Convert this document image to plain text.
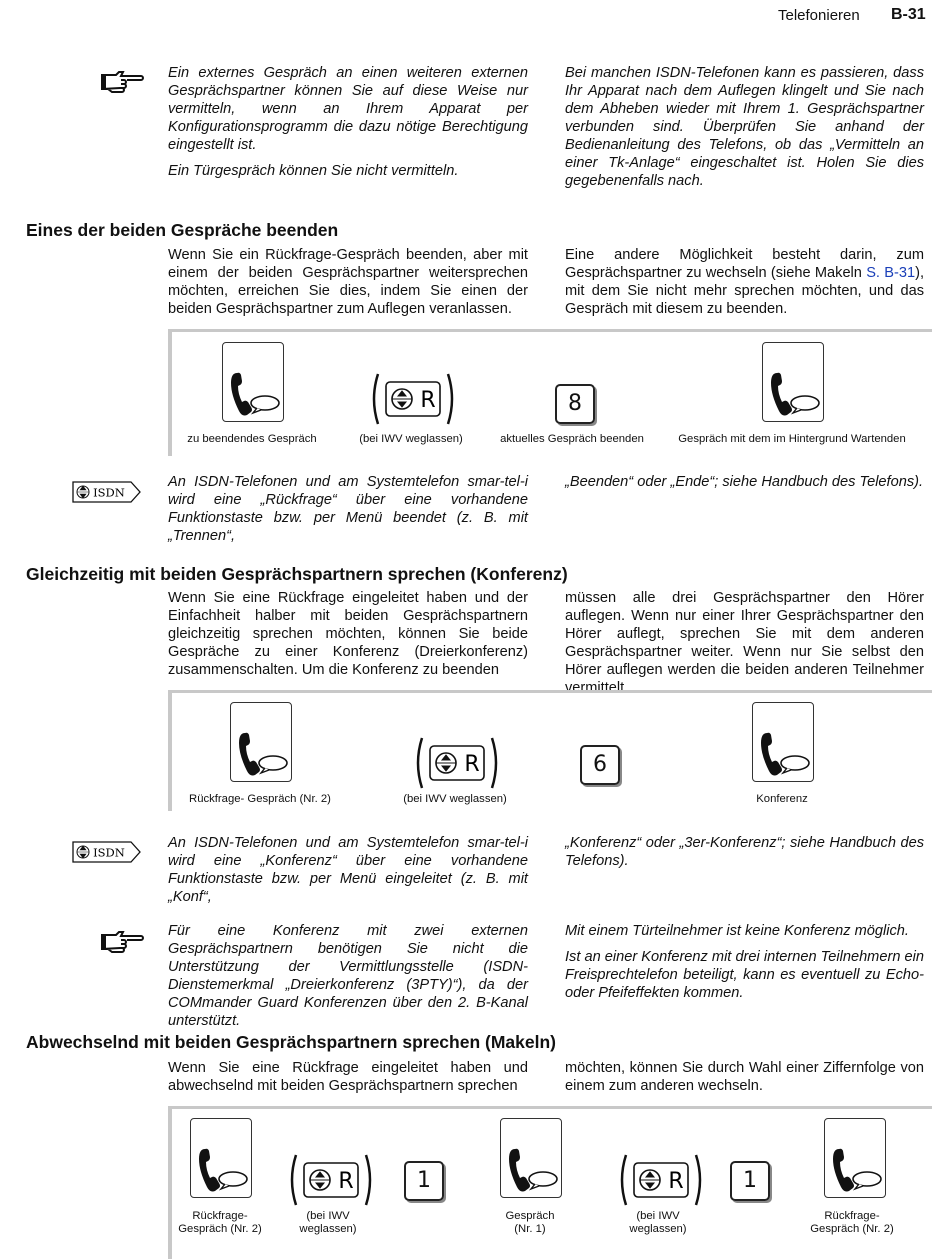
Telefonieren B-31

Ein externes Gespräch an einen weiteren externen Gesprächspartner können Sie auf diese Weise nur vermitteln, wenn an Ihrem Apparat per Konfigurationsprogramm die dazu nötige Berechtigung eingestellt ist.

Ein Türgespräch können Sie nicht vermitteln.

Bei manchen ISDN-Telefonen kann es passieren, dass Ihr Apparat nach dem Auflegen klingelt und Sie nach dem Abheben wieder mit Ihrem 1. Gesprächspartner verbunden sind. Überprüfen Sie anhand der Bedienanleitung des Telefons, ob das „Vermitteln an einer Tk-Anlage“ eingeschaltet ist. Holen Sie dies gegebenenfalls nach.

Eines der beiden Gespräche beenden

Wenn Sie ein Rückfrage-Gespräch beenden, aber mit einem der beiden Gesprächspartner weitersprechen möchten, erreichen Sie dies, indem Sie einen der beiden Gesprächspartner zum Auflegen veranlassen.

Eine andere Möglichkeit besteht darin, zum Gesprächspartner zu wechseln (siehe Makeln S. B-31), mit dem Sie nicht mehr sprechen möchten, und das Gespräch mit diesem zu beenden.

R	8
zu beendendes Gespräch	(bei IWV weglassen)	aktuelles Gespräch beenden	Gespräch mit dem im Hintergrund Wartenden
ISDN

An ISDN-Telefonen und am Systemtelefon smar-tel-i wird eine „Rückfrage“ über eine vorhandene Funktionstaste bzw. per Menü beendet (z. B. mit „Trennen“,

„Beenden“ oder „Ende“; siehe Handbuch des Telefons).

Gleichzeitig mit beiden Gesprächspartnern sprechen (Konferenz)

Wenn Sie eine Rückfrage eingeleitet haben und der Einfachheit halber mit beiden Gesprächspartnern gleichzeitig sprechen möchten, können Sie beide Gespräche zu einer Konferenz (Dreierkonferenz) zusammenschalten. Um die Konferenz zu beenden

müssen alle drei Gesprächspartner den Hörer auflegen. Wenn nur einer Ihrer Gesprächspartner den Hörer auflegt, sprechen Sie mit dem anderen Gesprächspartner weiter. Wenn nur Sie selbst den Hörer auflegen werden die beiden anderen Teilnehmer vermittelt.

R	6
Rückfrage- Gespräch (Nr. 2)	(bei IWV weglassen)	Konferenz
ISDN

An ISDN-Telefonen und am Systemtelefon smar-tel-i wird eine „Konferenz“ über eine vorhandene Funktionstaste bzw. per Menü eingeleitet (z. B. mit „Konf“,

„Konferenz“ oder „3er-Konferenz“; siehe Handbuch des Telefons).

Für eine Konferenz mit zwei externen Gesprächspartnern benötigen Sie nicht die Unterstützung der Vermittlungsstelle (ISDN-Dienstemerkmal „Dreierkonferenz (3PTY)“), da der COMmander Guard Konferenzen über den 2. B-Kanal unterstützt.

Mit einem Türteilnehmer ist keine Konferenz möglich.

Ist an einer Konferenz mit drei internen Teilnehmern ein Freisprechtelefon beteiligt, kann es eventuell zu Echo- oder Pfeifeffekten kommen.

Abwechselnd mit beiden Gesprächspartnern sprechen (Makeln)

Wenn Sie eine Rückfrage eingeleitet haben und abwechselnd mit beiden Gesprächspartnern sprechen

möchten, können Sie durch Wahl einer Ziffernfolge von einem zum anderen wechseln.

R	1	R	1
Rückfrage-
Gespräch (Nr. 2)
(bei IWV
weglassen)
Gespräch
(Nr. 1)
(bei IWV
weglassen)
Rückfrage-
Gespräch (Nr. 2)
